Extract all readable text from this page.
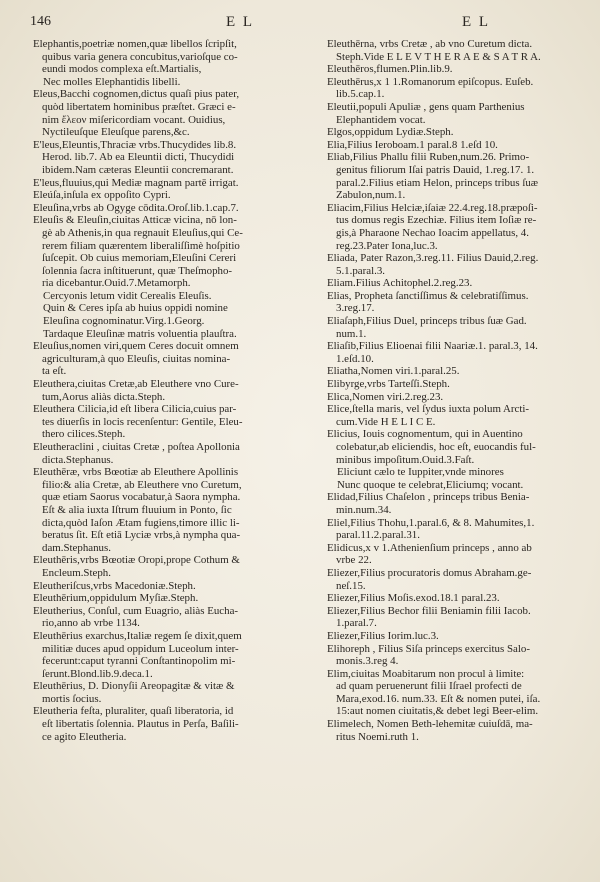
146	E L	E L
Elephantis,poetriæ nomen,quæ libellos ſcripſit,
quibus varia genera concubitus,varioſque co-
eundi modos complexa eſt.Martialis,
Nec molles Elephantidis libelli.
Eleus,Bacchi cognomen,dictus quaſi pius pater,
quòd libertatem hominibus præſtet. Græci e-
nim ἔλεον miſericordiam vocant. Ouidius,
Nyctileuſque Eleuſque parens,&c.
E'leus,Eleuntis,Thraciæ vrbs.Thucydides lib.8.
Herod. lib.7. Ab ea Eleuntii dicti, Thucydidi
ibidem.Nam cæteras Eleuntii concremarant.
E'leus,fluuius,qui Mediæ magnam partē irrigat.
Eleúſa,inſula ex oppoſito Cypri.
Eleuſina,vrbs ab Ogyge cōdita.Oroſ.lib.1.cap.7.
Eleuſis & Eleuſin,ciuitas Atticæ vicina, nō lon-
gè ab Athenis,in qua regnauit Eleuſius,qui Ce-
rerem filiam quærentem liberaliſſimè hoſpitio
ſuſcepit. Ob cuius memoriam,Eleuſini Cereri
ſolennia ſacra inſtituerunt, quæ Theſmopho-
ria dicebantur.Ouid.7.Metamorph.
Cercyonis letum vidit Cerealis Eleuſis.
Quin & Ceres ipſa ab huius oppidi nomine
Eleuſina cognominatur.Virg.1.Georg.
Tardaque Eleuſinæ matris voluentia plauſtra.
Eleuſius,nomen viri,quem Ceres docuit omnem
agriculturam,à quo Eleuſis, ciuitas nomina-
ta eſt.
Eleuthera,ciuitas Cretæ,ab Eleuthere vno Cure-
tum,Aorus aliàs dicta.Steph.
Eleuthera Cilicia,id eſt libera Cilicia,cuius par-
tes diuerſis in locis recenſentur: Gentile, Eleu-
thero cilices.Steph.
Eleutheraclini , ciuitas Cretæ , poſtea Apollonia
dicta.Stephanus.
Eleuthēræ, vrbs Bœotiæ ab Eleuthere Apollinis
filio:& alia Cretæ, ab Eleuthere vno Curetum,
quæ etiam Saorus vocabatur,à Saora nympha.
Eſt & alia iuxta Iſtrum fluuium in Ponto, ſic
dicta,quòd Iaſon Ætam fugiens,timore illic li-
beratus ſit. Eſt etiā Lyciæ vrbs,à nympha qua-
dam.Stephanus.
Eleuthēris,vrbs Bœotiæ Oropi,prope Cothum &
Encleum.Steph.
Eleutheriſcus,vrbs Macedoniæ.Steph.
Eleuthērium,oppidulum Myſiæ.Steph.
Eleutherius, Conſul, cum Euagrio, aliàs Eucha-
rio,anno ab vrbe 1134.
Eleuthērius exarchus,Italiæ regem ſe dixit,quem
militiæ duces apud oppidum Luceolum inter-
fecerunt:caput tyranni Conſtantinopolim mi-
ſerunt.Blond.lib.9.deca.1.
Eleuthērius, D. Dionyſii Areopagitæ & vitæ &
mortis ſocius.
Eleutheria feſta, pluraliter, quaſi liberatoria, id
eſt libertatis ſolennia. Plautus in Perſa, Baſili-
ce agito Eleutheria.
Eleuthērna, vrbs Cretæ , ab vno Curetum dicta.
Steph.Vide E L E V T H E R A E & S A T R A.
Eleuthēros,flumen.Plin.lib.9.
Eleuthērus,x 1 1.Romanorum epiſcopus. Euſeb.
lib.5.cap.1.
Eleutii,populi Apuliæ , gens quam Parthenius
Elephantidem vocat.
Elgos,oppidum Lydiæ.Steph.
Elia,Filius Ieroboam.1 paral.8 1.eſd 10.
Eliab,Filius Phallu filii Ruben,num.26. Primo-
genitus filiorum Iſai patris Dauid, 1.reg.17. 1.
paral.2.Filius etiam Helon, princeps tribus ſuæ
Zabulon,num.1.
Eliacim,Filius Helciæ,iſaiæ 22.4.reg.18.præpoſi-
tus domus regis Ezechiæ. Filius item Ioſiæ re-
gis,à Pharaone Nechao Ioacim appellatus, 4.
reg.23.Pater Iona,luc.3.
Eliada, Pater Razon,3.reg.11. Filius Dauid,2.reg.
5.1.paral.3.
Eliam.Filius Achitophel.2.reg.23.
Elias, Propheta ſanctiſſimus & celebratiſſimus.
3.reg.17.
Eliaſaph,Filius Duel, princeps tribus ſuæ Gad.
num.1.
Eliaſib,Filius Elioenai filii Naariæ.1. paral.3, 14.
1.eſd.10.
Eliatha,Nomen viri.1.paral.25.
Elibyrge,vrbs Tarteſſi.Steph.
Elica,Nomen viri.2.reg.23.
Elice,ſtella maris, vel ſydus iuxta polum Arcti-
cum.Vide H E L I C E.
Elicius, Iouis cognomentum, qui in Auentino
colebatur,ab eliciendis, hoc eſt, euocandis ful-
minibus impoſitum.Ouid.3.Faſt.
Eliciunt cælo te Iuppiter,vnde minores
Nunc quoque te celebrat,Eliciumq; vocant.
Elidad,Filius Chaſelon , princeps tribus Benia-
min.num.34.
Eliel,Filius Thohu,1.paral.6, & 8. Mahumites,1.
paral.11.2.paral.31.
Elidicus,x v 1.Athenienſium princeps , anno ab
vrbe 22.
Eliezer,Filius procuratoris domus Abraham.ge-
neſ.15.
Eliezer,Filius Moſis.exod.18.1 paral.23.
Eliezer,Filius Bechor filii Beniamin filii Iacob.
1.paral.7.
Eliezer,Filius Iorim.luc.3.
Elihoreph , Filius Siſa princeps exercitus Salo-
monis.3.reg 4.
Elim,ciuitas Moabitarum non procul à limite:
ad quam peruenerunt filii Iſrael profecti de
Mara,exod.16. num.33. Eſt & nomen putei, iſa.
15:aut nomen ciuitatis,& debet legi Beer-elim.
Elimelech, Nomen Beth-lehemitæ cuiuſdā, ma-
ritus Noemi.ruth 1.
